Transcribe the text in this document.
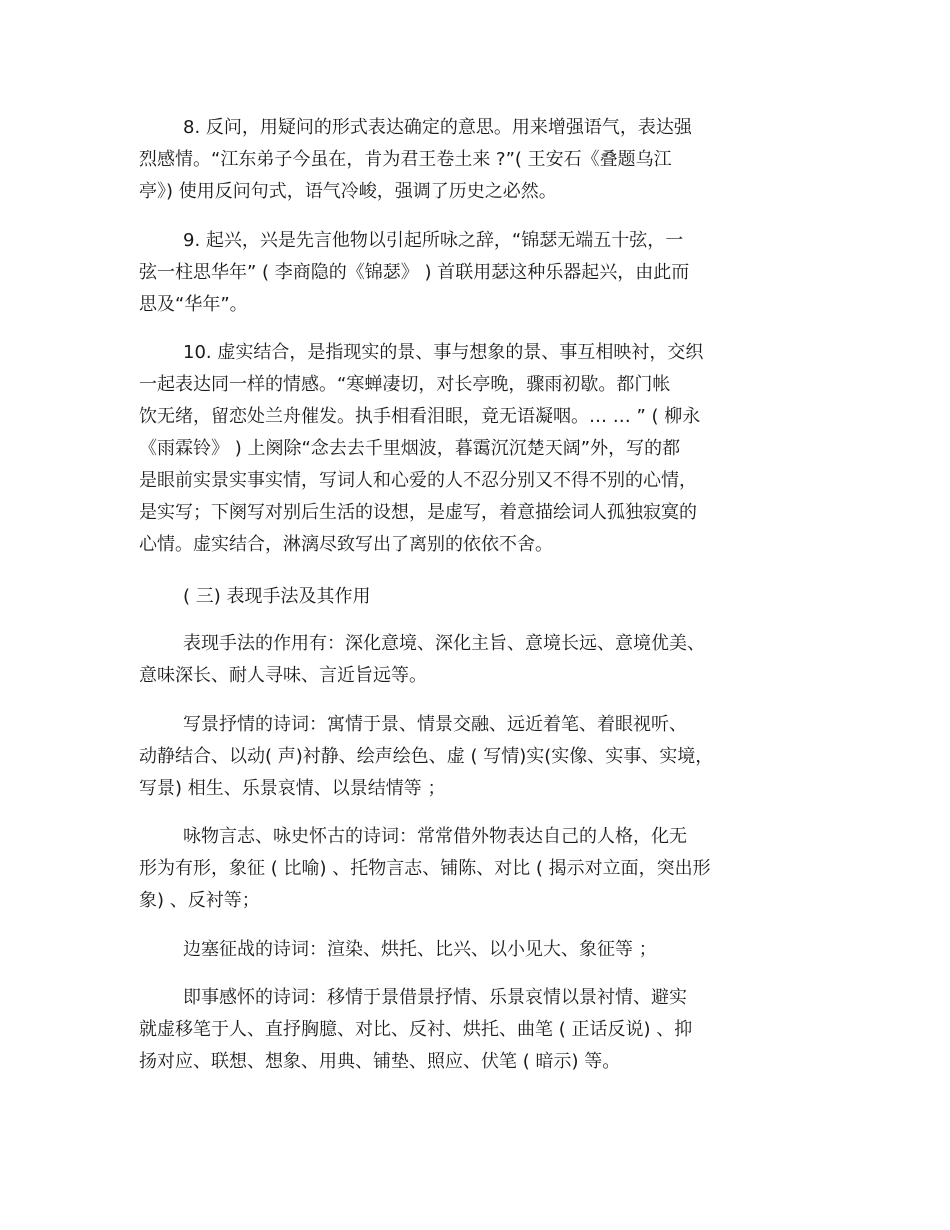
8. 反问，用疑问的形式表达确定的意思。用来增强语气，表达强
烈感情。“江东弟子今虽在，肯为君王卷土来 ?”( 王安石《叠题乌江
亭》) 使用反问句式，语气冷峻，强调了历史之必然。
9. 起兴，兴是先言他物以引起所咏之辞，“锦瑟无端五十弦，一
弦一柱思华年” ( 李商隐的《锦瑟》 ) 首联用瑟这种乐器起兴，由此而
思及“华年”。
10. 虚实结合，是指现实的景、事与想象的景、事互相映衬，交织
一起表达同一样的情感。“寒蝉凄切，对长亭晚，骤雨初歇。都门帐
饮无绪，留恋处兰舟催发。执手相看泪眼，竟无语凝咽。… … ” ( 柳永
《雨霖铃》 ) 上阕除“念去去千里烟波，暮霭沉沉楚天阔”外，写的都
是眼前实景实事实情，写词人和心爱的人不忍分别又不得不别的心情，
是实写；下阕写对别后生活的设想，是虚写，着意描绘词人孤独寂寞的
心情。虚实结合，淋漓尽致写出了离别的依依不舍。
( 三) 表现手法及其作用
表现手法的作用有：深化意境、深化主旨、意境长远、意境优美、
意味深长、耐人寻味、言近旨远等。
写景抒情的诗词：寓情于景、情景交融、远近着笔、着眼视听、
动静结合、以动( 声)衬静、绘声绘色、虚 ( 写情)实(实像、实事、实境，
写景) 相生、乐景哀情、以景结情等 ；
咏物言志、咏史怀古的诗词：常常借外物表达自己的人格，化无
形为有形，象征 ( 比喻) 、托物言志、铺陈、对比 ( 揭示对立面，突出形
象) 、反衬等；
边塞征战的诗词：渲染、烘托、比兴、以小见大、象征等 ；
即事感怀的诗词：移情于景借景抒情、乐景哀情以景衬情、避实
就虚移笔于人、直抒胸臆、对比、反衬、烘托、曲笔 ( 正话反说) 、抑
扬对应、联想、想象、用典、铺垫、照应、伏笔 ( 暗示) 等。
